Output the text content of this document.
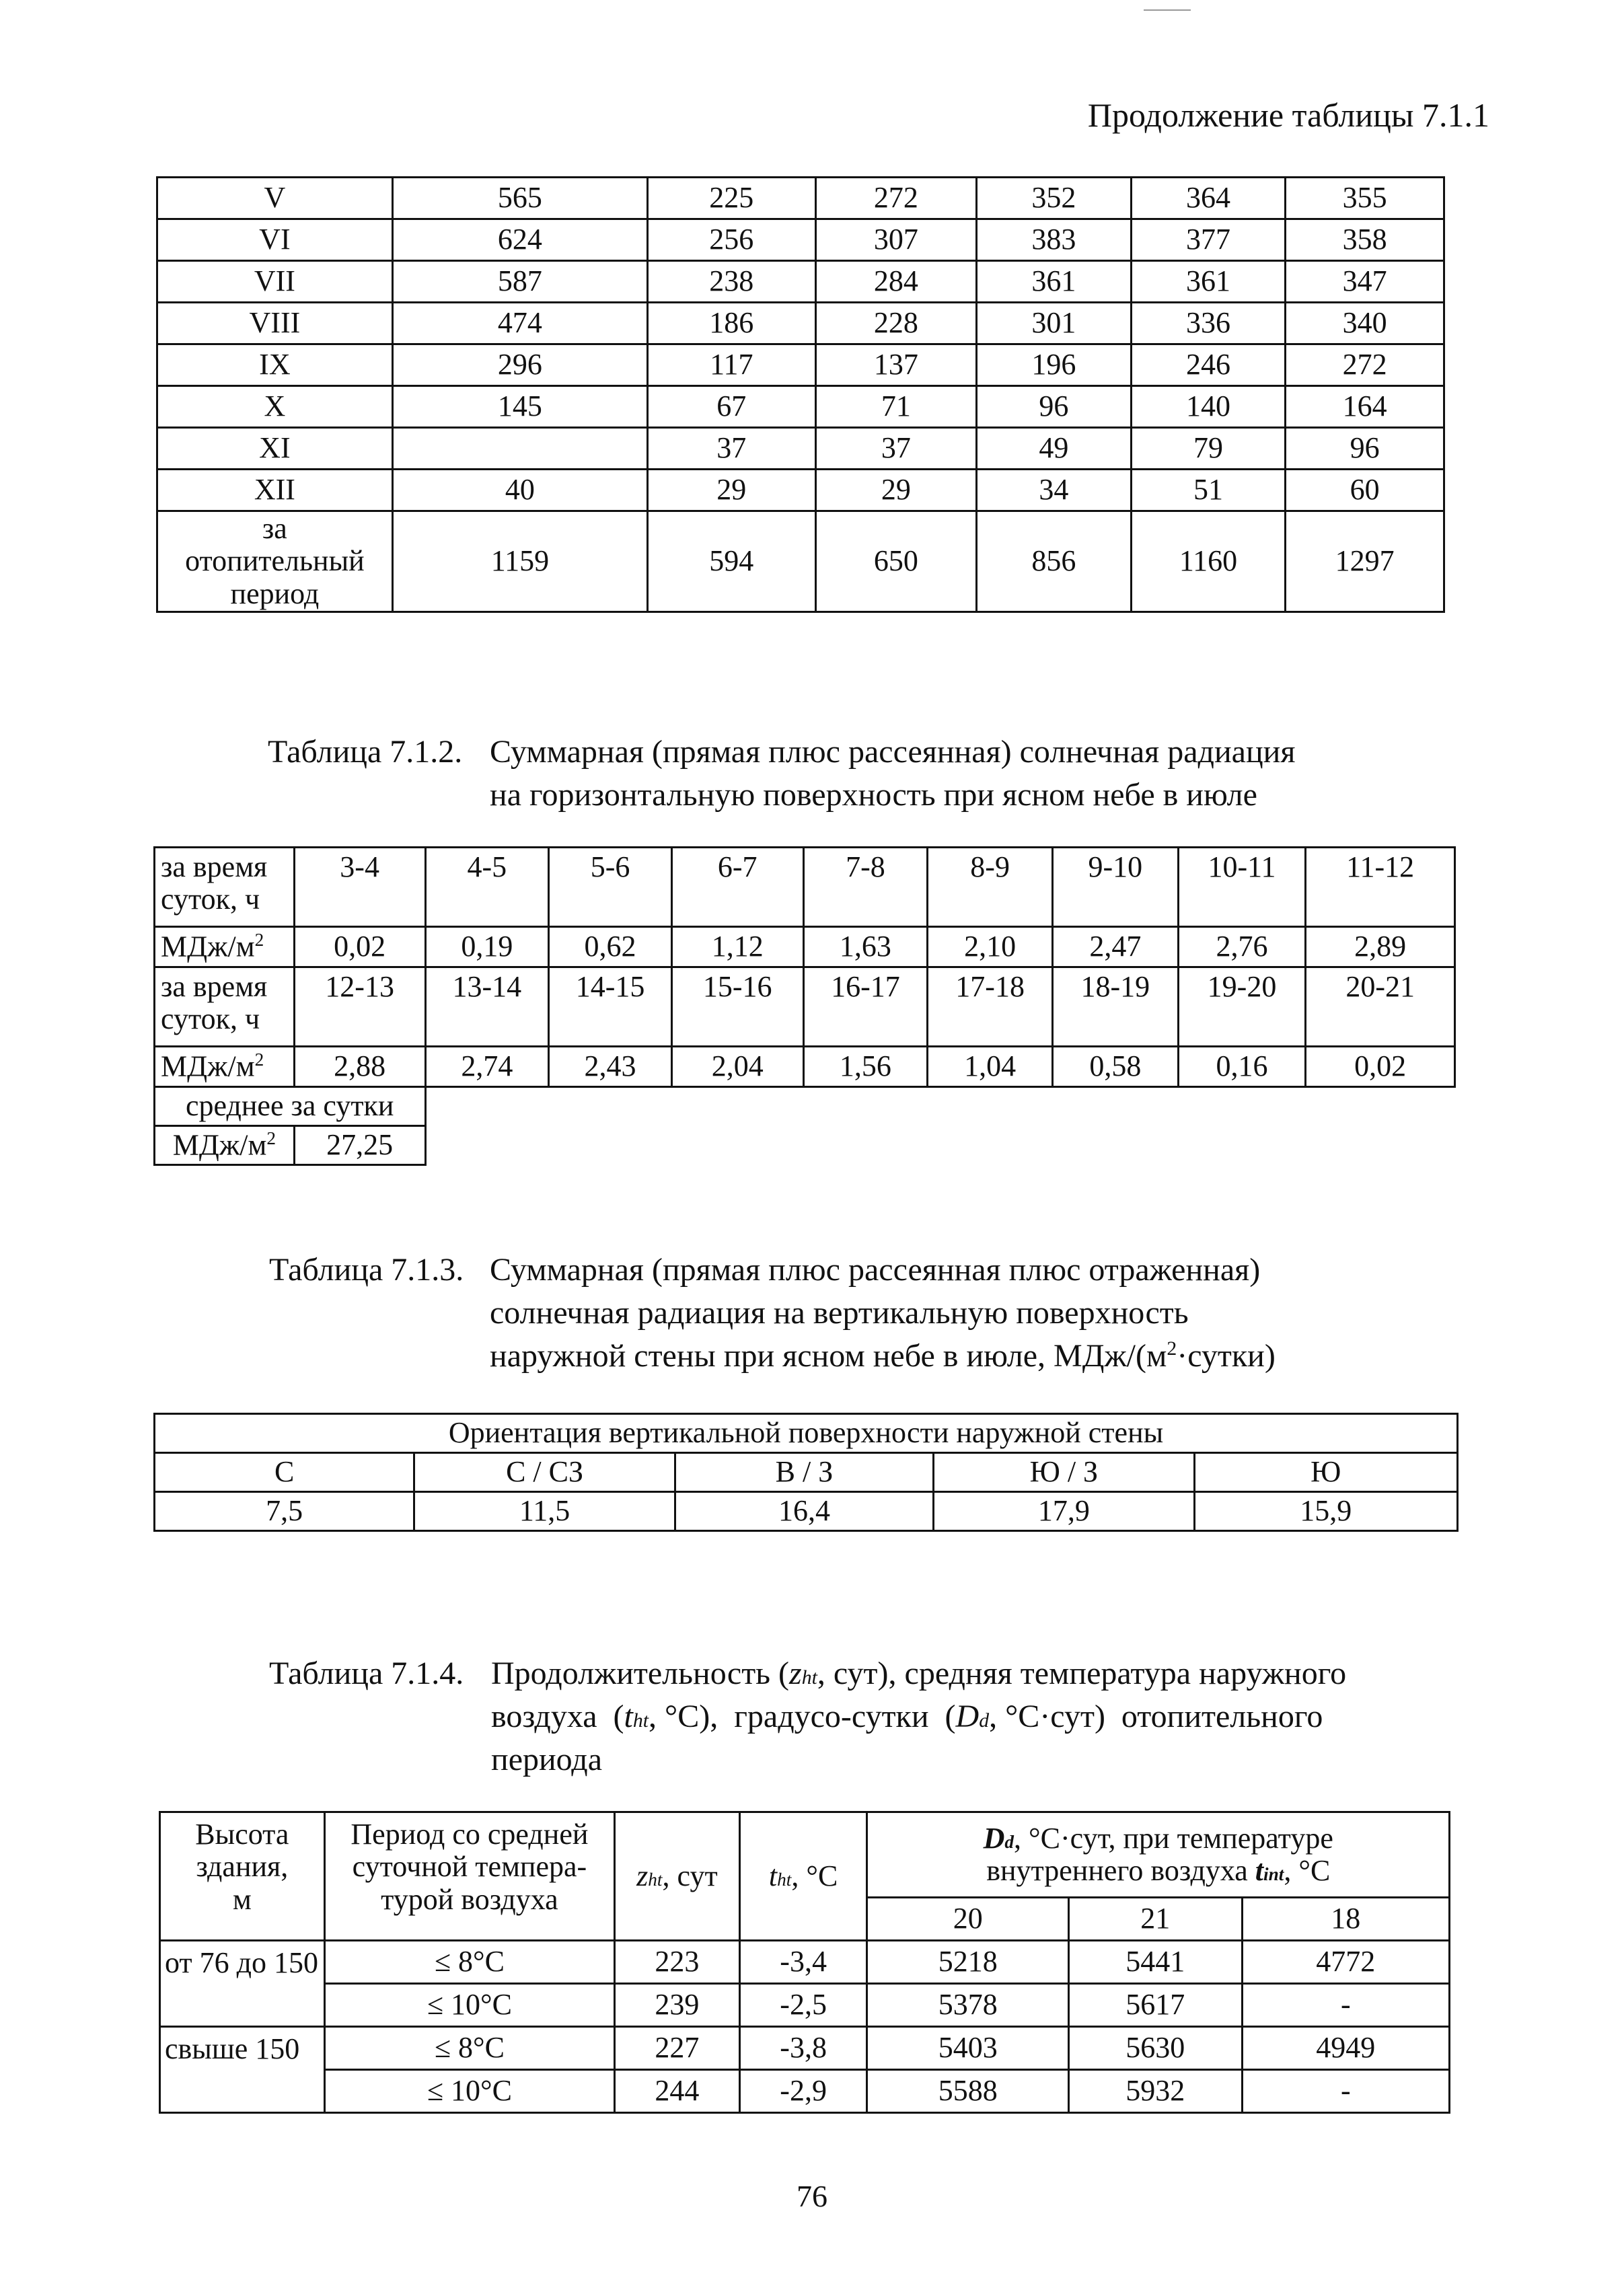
Продолжение таблицы 7.1.1
V	565	225	272	352	364	355
VI	624	256	307	383	377	358
VII	587	238	284	361	361	347
VIII	474	186	228	301	336	340
IX	296	117	137	196	246	272
X	145	67	71	96	140	164
XI		37	37	49	79	96
XII	40	29	29	34	51	60
за
отопительный
период	1159	594	650	856	1160	1297
Таблица 7.1.2. Суммарная (прямая плюс рассеянная) солнечная радиация
на горизонтальную поверхность при ясном небе в июле
за время суток, ч	3-4	4-5	5-6	6-7	7-8	8-9	9-10	10-11	11-12
МДж/$м^2$	0,02	0,19	0,62	1,12	1,63	2,10	2,47	2,76	2,89
за время суток, ч	12-13	13-14	14-15	15-16	16-17	17-18	18-19	19-20	20-21
МДж/$м^2$	2,88	2,74	2,43	2,04	1,56	1,04	0,58	0,16	0,02
среднее за сутки									
МДж/$м^2$	27,25								
Таблица 7.1.3. Суммарная (прямая плюс рассеянная плюс отраженная)
солнечная радиация на вертикальную поверхность
наружной стены при ясном небе в июле, МДж/$(м^2\cdot сутки)$
Ориентация вертикальной поверхности наружной стены				
С	С / СЗ	В / З	Ю / З	Ю
7,5	11,5	16,4	17,9	15,9
Таблица 7.1.4. Продолжительность (zht, сут), средняя температура наружного
воздуха  (tht, °С),  градусо-сутки  (Dd, °С·сут)  отопительного
периода
Высота
здания,
м	Период со средней
суточной темпера-
турой воздуха	zht, сут	tht, °С	Dd, °С·сут, при температуре
внутреннего воздуха tint, °С		
				20	21	18
от 76 до 150	≤ 8°С	223	-3,4	5218	5441	4772
	≤ 10°С	239	-2,5	5378	5617	-
свыше 150	≤ 8°С	227	-3,8	5403	5630	4949
	≤ 10°С	244	-2,9	5588	5932	-
76
